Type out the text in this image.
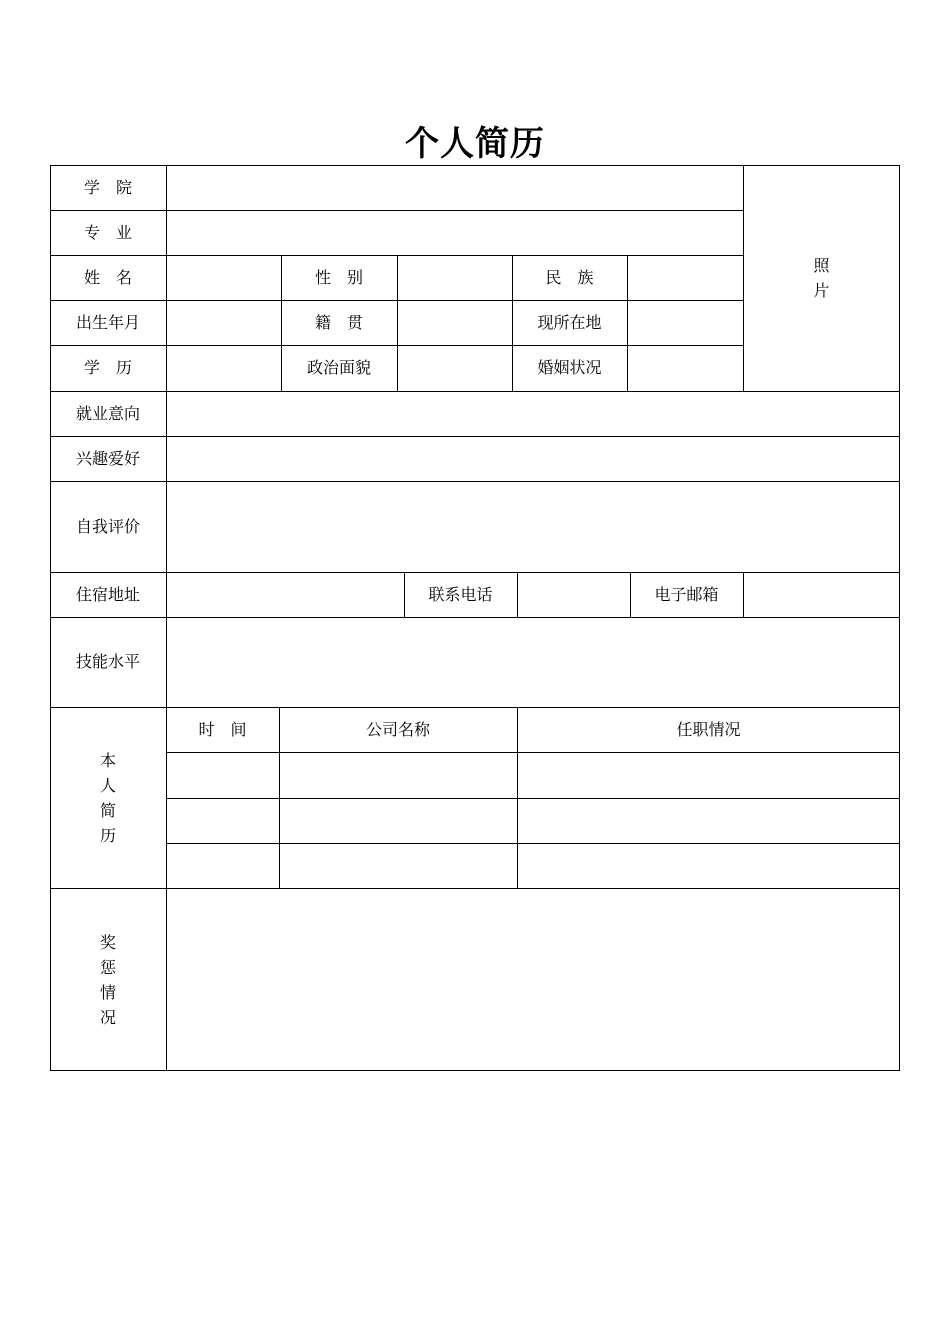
个人简历
学　院
专　业
照
片
姓　名	性　别	民　族
出生年月	籍　贯	现所在地
学　历	政治面貌	婚姻状况
就业意向
兴趣爱好
自我评价
住宿地址	联系电话	电子邮箱
技能水平
本
人
简
历
时　间	公司名称	任职情况
奖
惩
情
况
